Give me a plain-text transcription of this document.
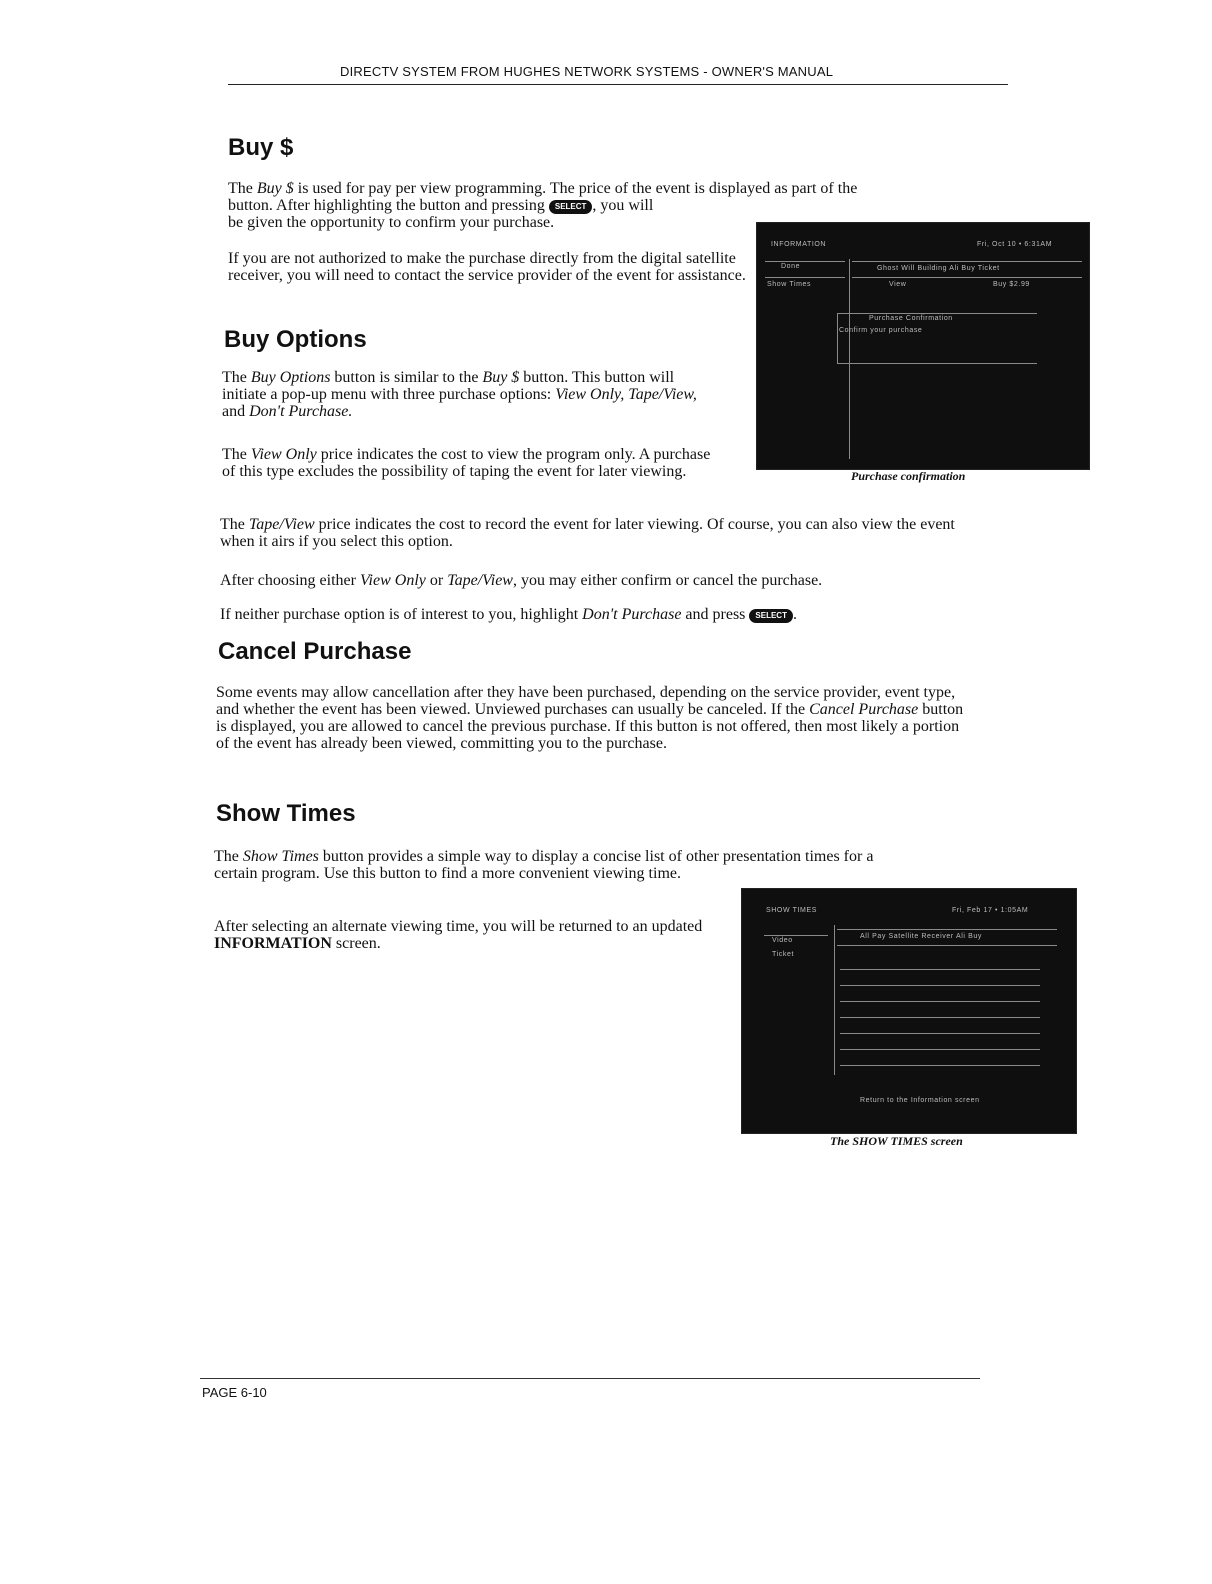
DIRECTV SYSTEM FROM HUGHES NETWORK SYSTEMS - OWNER'S MANUAL
Buy $
The Buy $ is used for pay per view programming. The price of the event is displayed as part of the
button. After highlighting the button and pressing SELECT , you will
be given the opportunity to confirm your purchase.
If you are not authorized to make the purchase directly from the digital satellite receiver, you will need to contact the service provider of the event for assistance.
Buy Options
The Buy Options button is similar to the Buy $ button. This button will initiate a pop-up menu with three purchase options: View Only, Tape/View, and Don't Purchase.
The View Only price indicates the cost to view the program only. A purchase of this type excludes the possibility of taping the event for later viewing.
INFORMATION	Fri, Oct 10 • 6:31AM
Done
Show Times
Ghost Will Building Ali Buy Ticket
View	Buy $2.99
Purchase Confirmation
Confirm your purchase
Purchase confirmation
The Tape/View price indicates the cost to record the event for later viewing. Of course, you can also view the event when it airs if you select this option.
After choosing either View Only or Tape/View, you may either confirm or cancel the purchase.
If neither purchase option is of interest to you, highlight Don't Purchase and press SELECT .
Cancel Purchase
Some events may allow cancellation after they have been purchased, depending on the service provider, event type, and whether the event has been viewed. Unviewed purchases can usually be canceled. If the Cancel Purchase button is displayed, you are allowed to cancel the previous purchase. If this button is not offered, then most likely a portion of the event has already been viewed, committing you to the purchase.
Show Times
The Show Times button provides a simple way to display a concise list of other presentation times for a
certain program. Use this button to find a more convenient viewing time.
After selecting an alternate viewing time, you will be returned to an updated INFORMATION screen.
SHOW TIMES	Fri, Feb 17 • 1:05AM
Video
Ticket
All Pay Satellite Receiver Ali Buy
Return to the Information screen
The SHOW TIMES screen
PAGE 6-10
